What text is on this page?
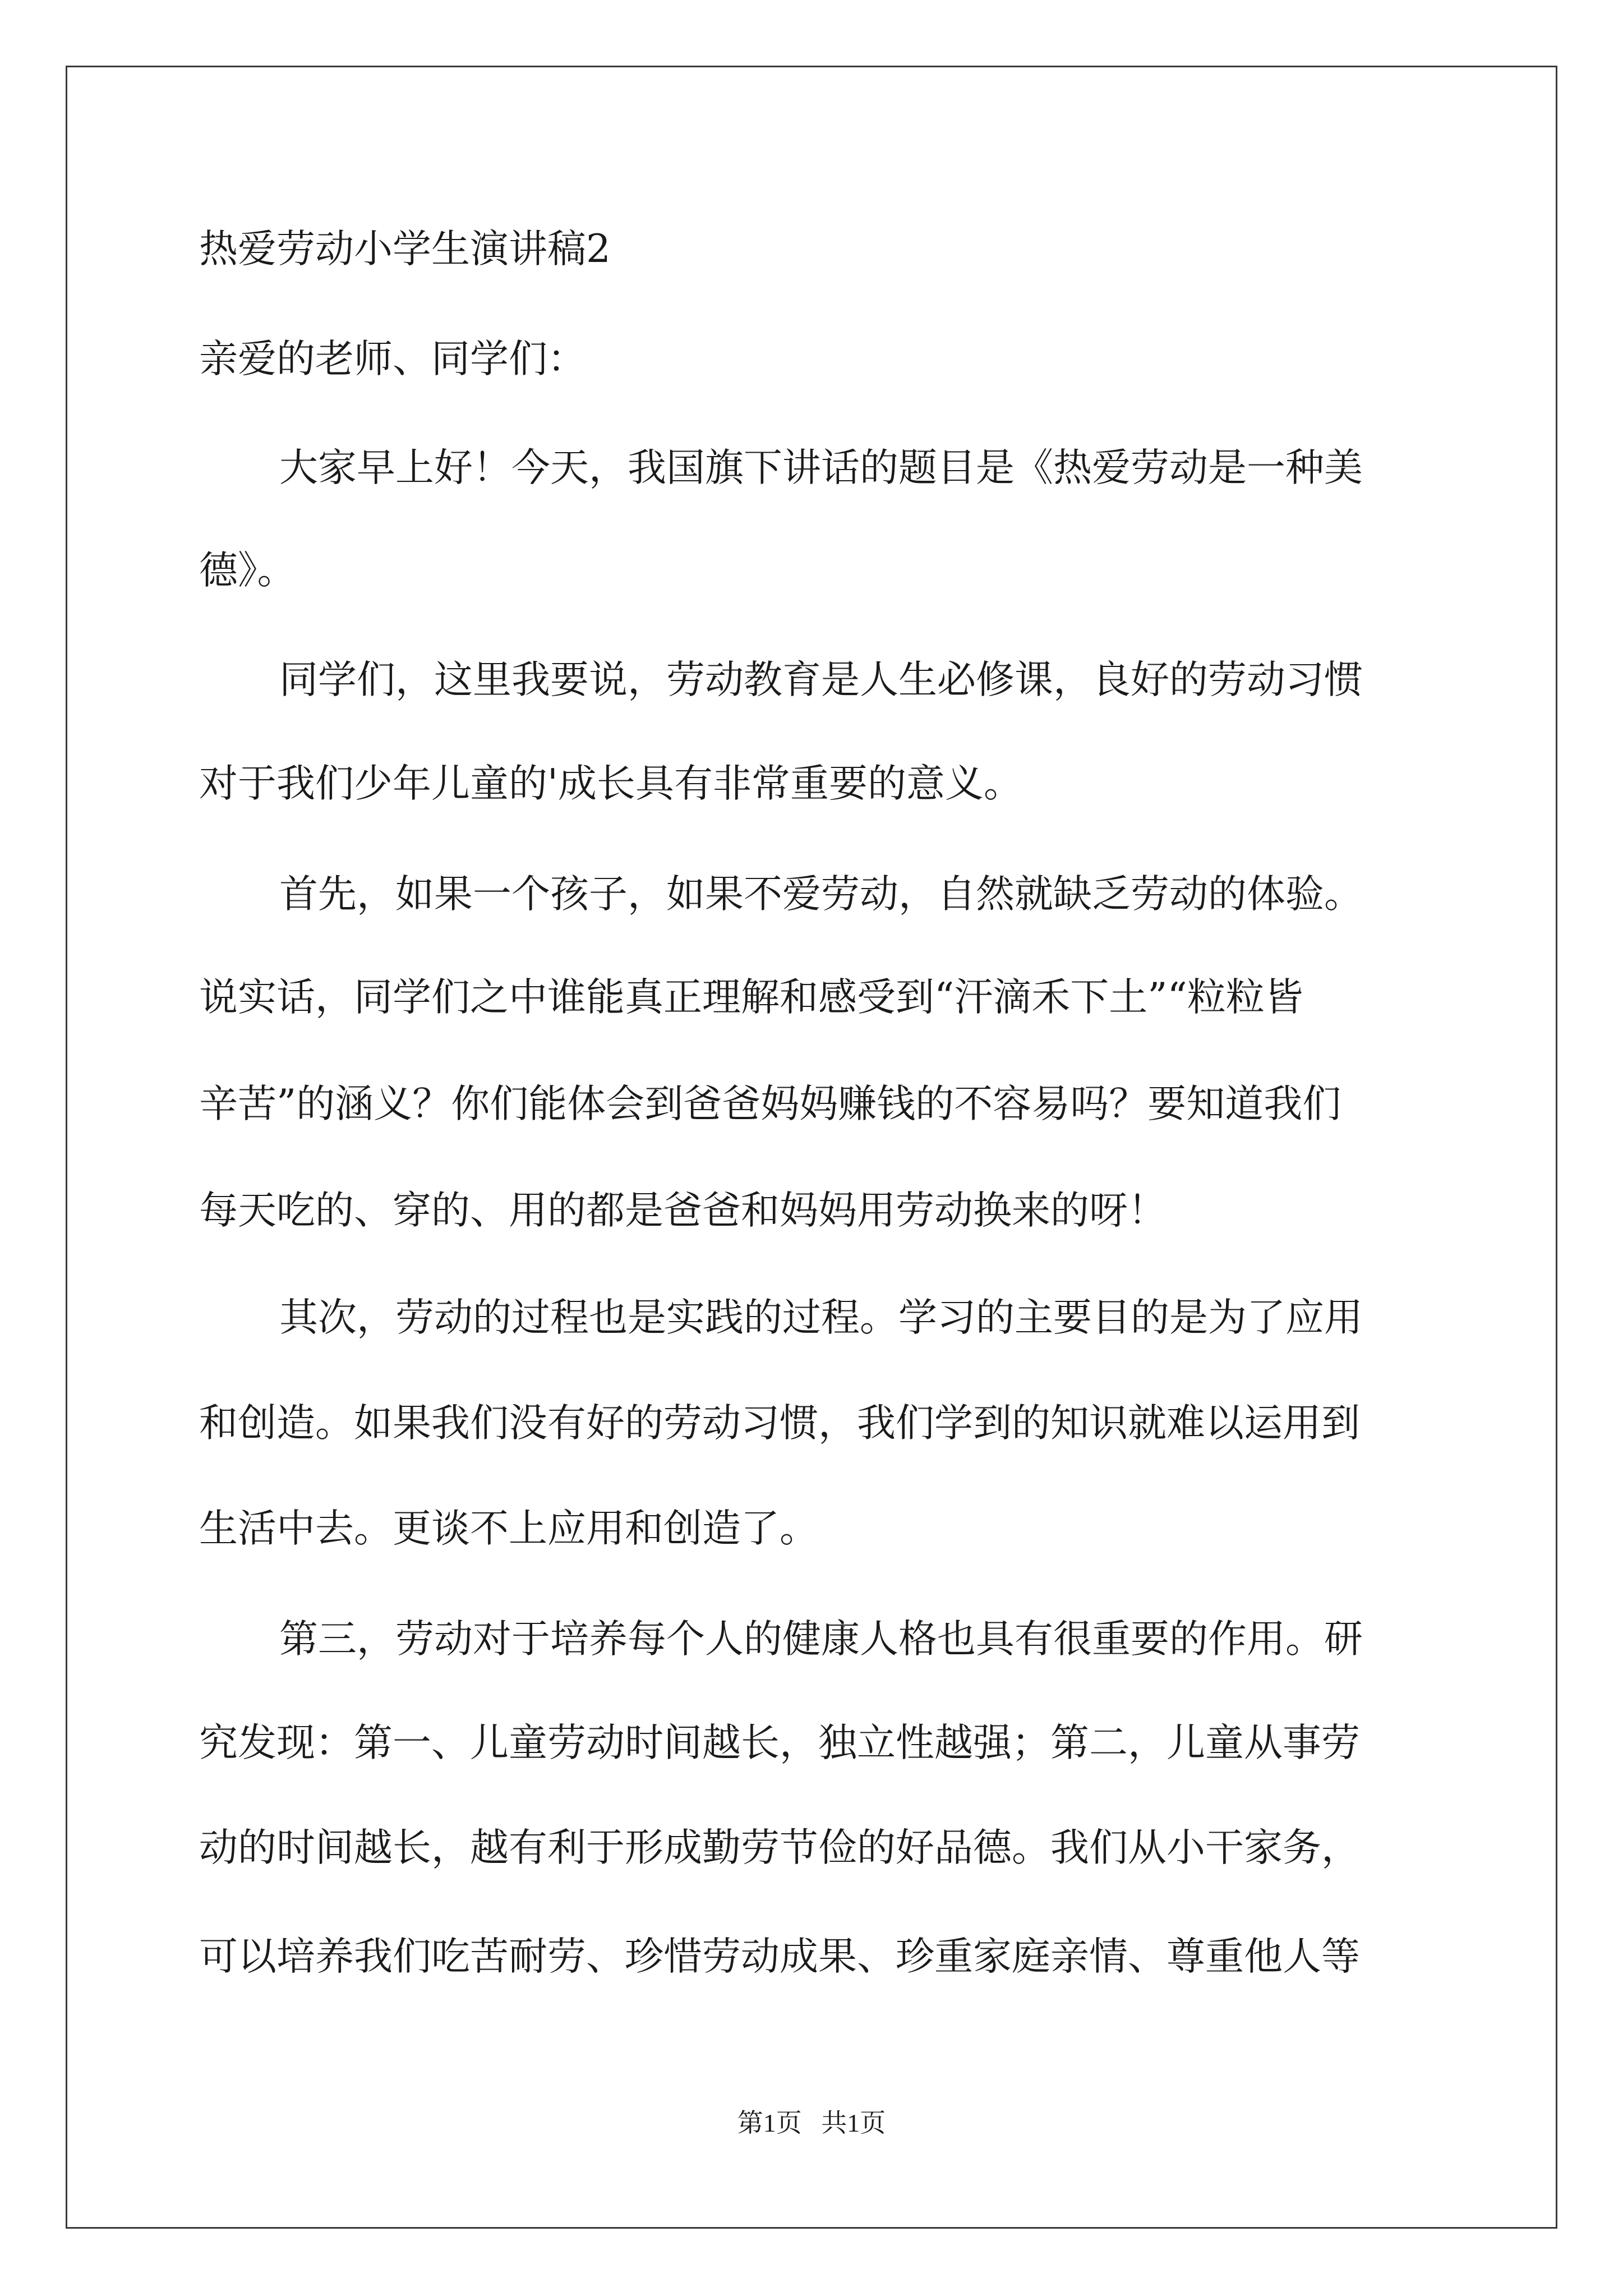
热爱劳动小学生演讲稿2

亲爱的老师、同学们：

大家早上好！今天，我国旗下讲话的题目是《热爱劳动是一种美

德》。

同学们，这里我要说，劳动教育是人生必修课，良好的劳动习惯

对于我们少年儿童的'成长具有非常重要的意义。

首先，如果一个孩子，如果不爱劳动，自然就缺乏劳动的体验。

说实话，同学们之中谁能真正理解和感受到“汗滴禾下土”“粒粒皆

辛苦”的涵义？你们能体会到爸爸妈妈赚钱的不容易吗？要知道我们

每天吃的、穿的、用的都是爸爸和妈妈用劳动换来的呀！

其次，劳动的过程也是实践的过程。学习的主要目的是为了应用

和创造。如果我们没有好的劳动习惯，我们学到的知识就难以运用到

生活中去。更谈不上应用和创造了。

第三，劳动对于培养每个人的健康人格也具有很重要的作用。研

究发现：第一、儿童劳动时间越长，独立性越强；第二，儿童从事劳

动的时间越长，越有利于形成勤劳节俭的好品德。我们从小干家务，

可以培养我们吃苦耐劳、珍惜劳动成果、珍重家庭亲情、尊重他人等

第1页   共1页
